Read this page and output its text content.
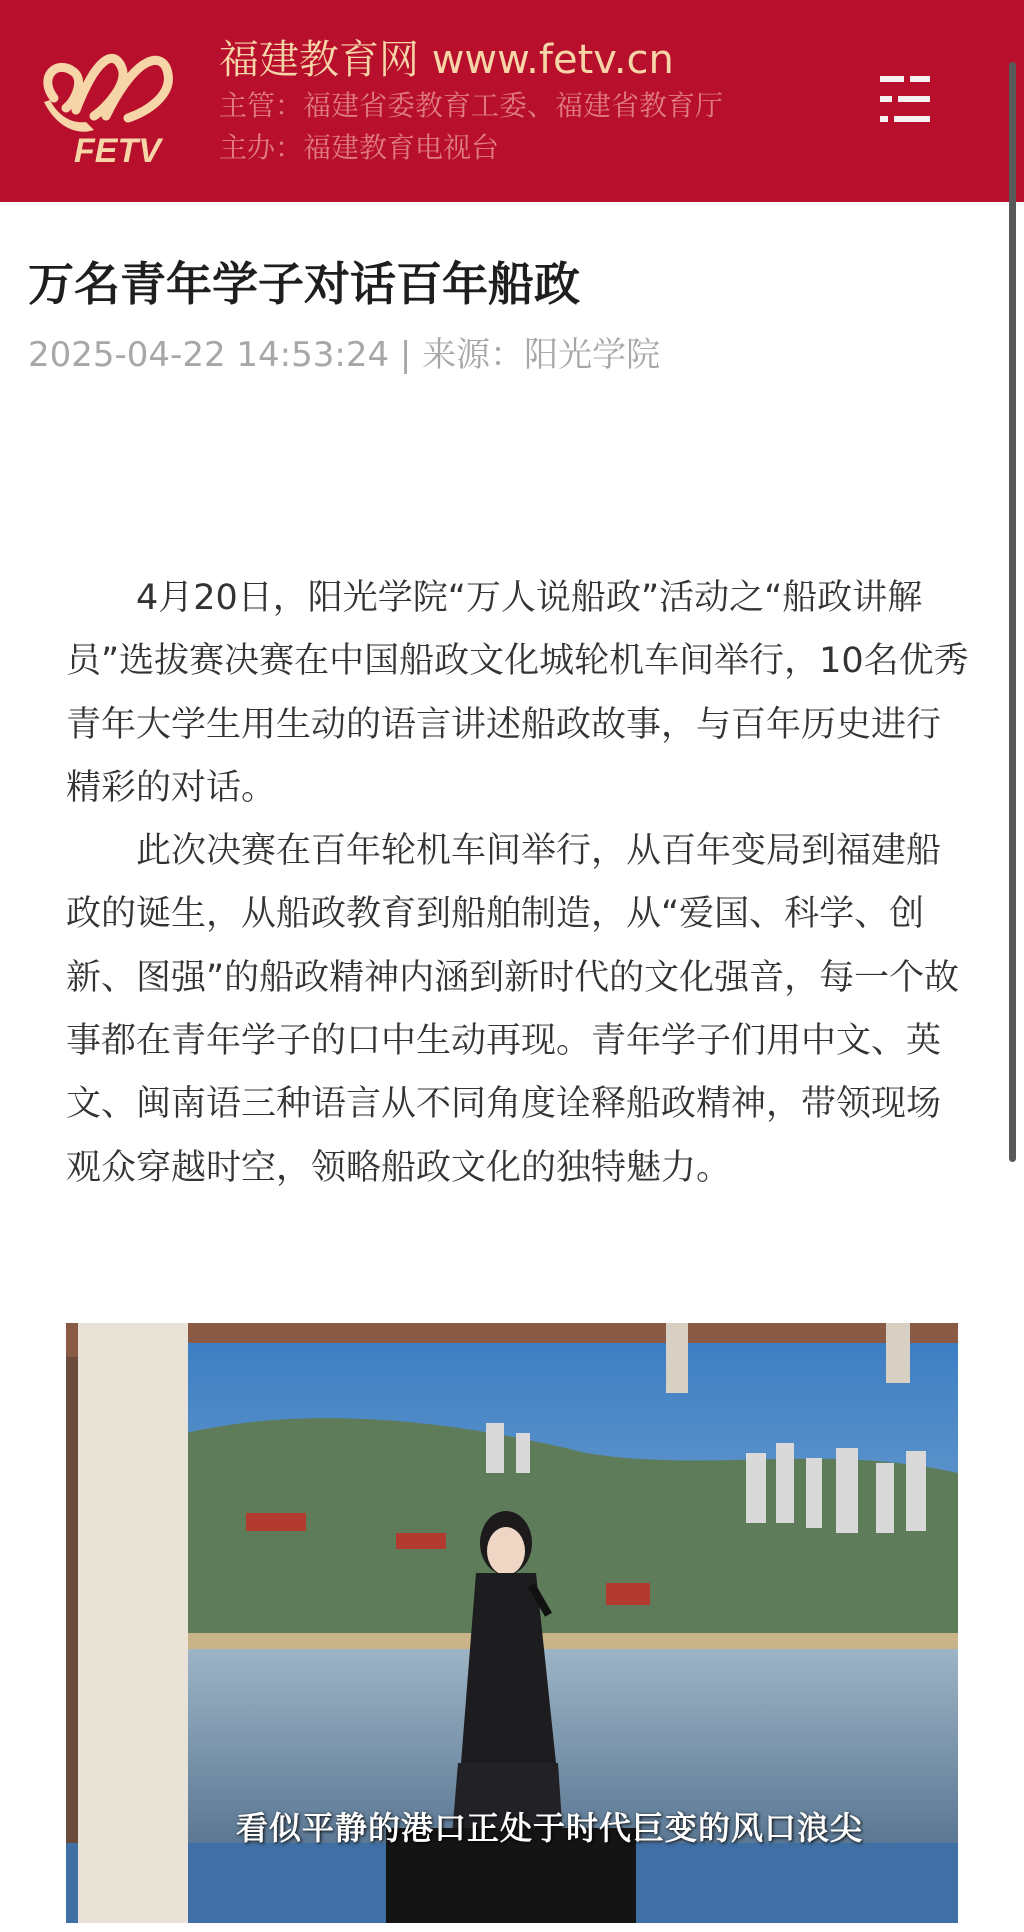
FETV
福建教育网 www.fetv.cn
主管：福建省委教育工委、福建省教育厅
主办：福建教育电视台
万名青年学子对话百年船政
2025-04-22 14:53:24 | 来源：阳光学院

4月20日，阳光学院“万人说船政”活动之“船政讲解员”选拔赛决赛在中国船政文化城轮机车间举行，10名优秀青年大学生用生动的语言讲述船政故事，与百年历史进行精彩的对话。

此次决赛在百年轮机车间举行，从百年变局到福建船政的诞生，从船政教育到船舶制造，从“爱国、科学、创新、图强”的船政精神内涵到新时代的文化强音，每一个故事都在青年学子的口中生动再现。青年学子们用中文、英文、闽南语三种语言从不同角度诠释船政精神，带领现场观众穿越时空，领略船政文化的独特魅力。

看似平静的港口正处于时代巨变的风口浪尖
